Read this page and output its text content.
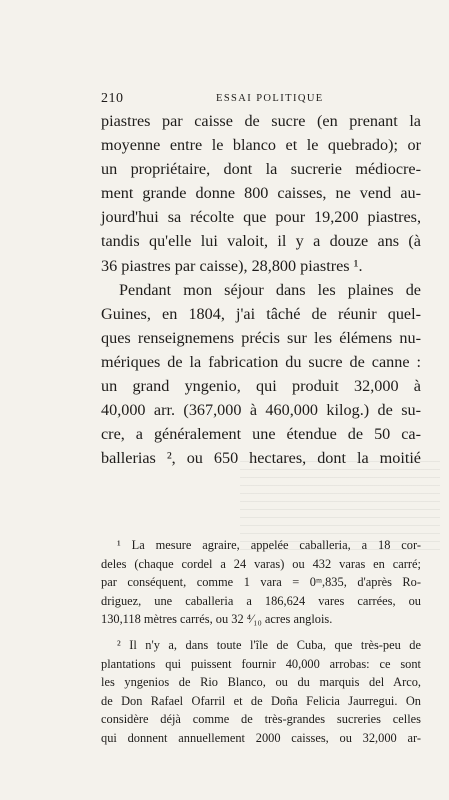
210	ESSAI POLITIQUE
piastres par caisse de sucre (en prenant la
moyenne entre le blanco et le quebrado); or
un propriétaire, dont la sucrerie médiocre-
ment grande donne 800 caisses, ne vend au-
jourd'hui sa récolte que pour 19,200 piastres,
tandis qu'elle lui valoit, il y a douze ans (à
36 piastres par caisse), 28,800 piastres ¹.
Pendant mon séjour dans les plaines de
Guines, en 1804, j'ai tâché de réunir quel-
ques renseignemens précis sur les élémens nu-
mériques de la fabrication du sucre de canne :
un grand yngenio, qui produit 32,000 à
40,000 arr. (367,000 à 460,000 kilog.) de su-
cre, a généralement une étendue de 50 ca-
ballerias ², ou 650 hectares, dont la moitié
¹ La mesure agraire, appelée caballeria, a 18 cor-
deles (chaque cordel a 24 varas) ou 432 varas en carré;
par conséquent, comme 1 vara = 0ᵐ,835, d'après Ro-
driguez, une caballeria a 186,624 vares carrées, ou
130,118 mètres carrés, ou 32 ⁴⁄₁₀ acres anglois.
² Il n'y a, dans toute l'île de Cuba, que très-peu de
plantations qui puissent fournir 40,000 arrobas: ce sont
les yngenios de Rio Blanco, ou du marquis del Arco,
de Don Rafael Ofarril et de Doña Felicia Jaurregui. On
considère déjà comme de très-grandes sucreries celles
qui donnent annuellement 2000 caisses, ou 32,000 ar-
